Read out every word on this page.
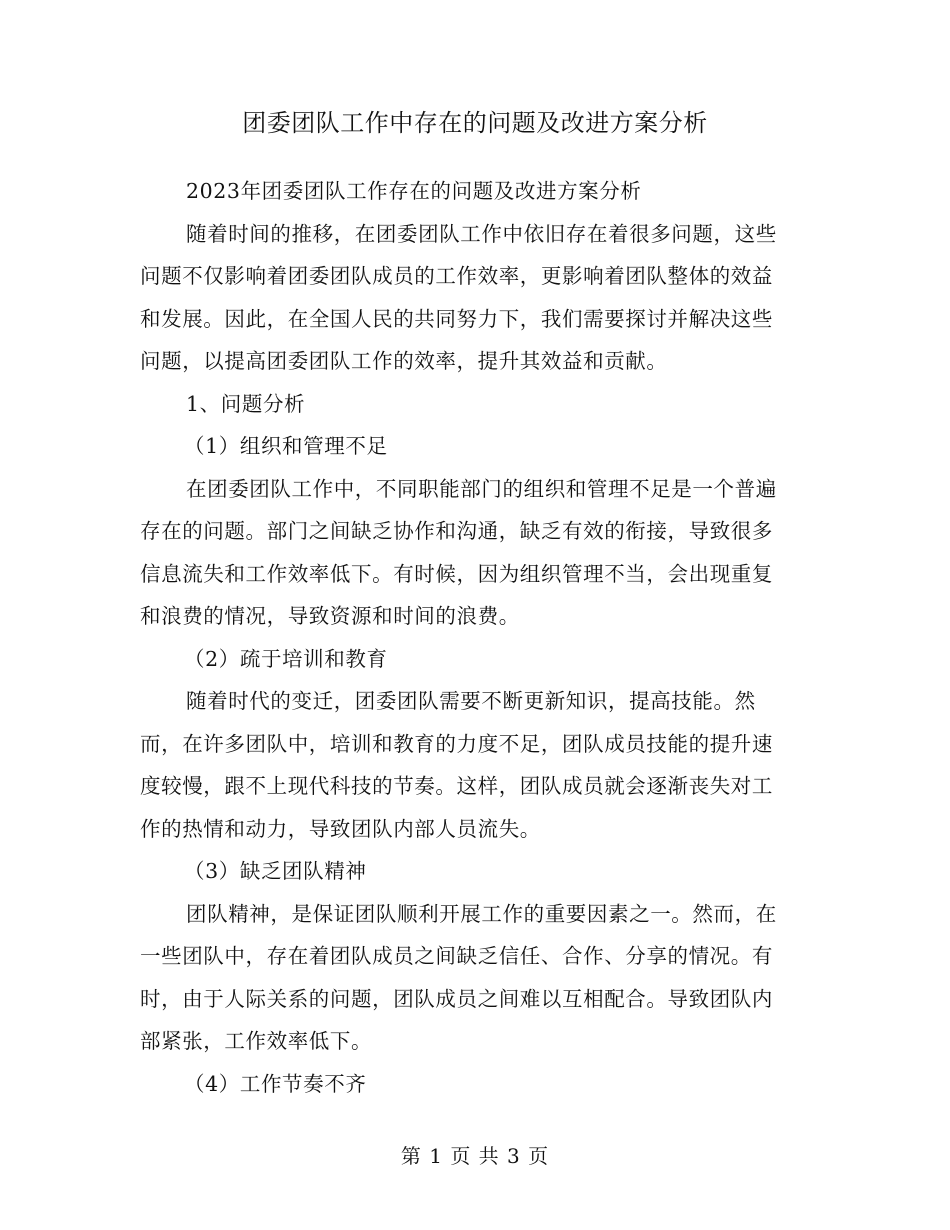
团委团队工作中存在的问题及改进方案分析

2023年团委团队工作存在的问题及改进方案分析

随着时间的推移，在团委团队工作中依旧存在着很多问题，这些

问题不仅影响着团委团队成员的工作效率，更影响着团队整体的效益

和发展。因此，在全国人民的共同努力下，我们需要探讨并解决这些

问题，以提高团委团队工作的效率，提升其效益和贡献。

1、问题分析

（1）组织和管理不足

在团委团队工作中，不同职能部门的组织和管理不足是一个普遍

存在的问题。部门之间缺乏协作和沟通，缺乏有效的衔接，导致很多

信息流失和工作效率低下。有时候，因为组织管理不当，会出现重复

和浪费的情况，导致资源和时间的浪费。

（2）疏于培训和教育

随着时代的变迁，团委团队需要不断更新知识，提高技能。然

而，在许多团队中，培训和教育的力度不足，团队成员技能的提升速

度较慢，跟不上现代科技的节奏。这样，团队成员就会逐渐丧失对工

作的热情和动力，导致团队内部人员流失。

（3）缺乏团队精神

团队精神，是保证团队顺利开展工作的重要因素之一。然而，在

一些团队中，存在着团队成员之间缺乏信任、合作、分享的情况。有

时，由于人际关系的问题，团队成员之间难以互相配合。导致团队内

部紧张，工作效率低下。

（4）工作节奏不齐

第 1 页 共 3 页
